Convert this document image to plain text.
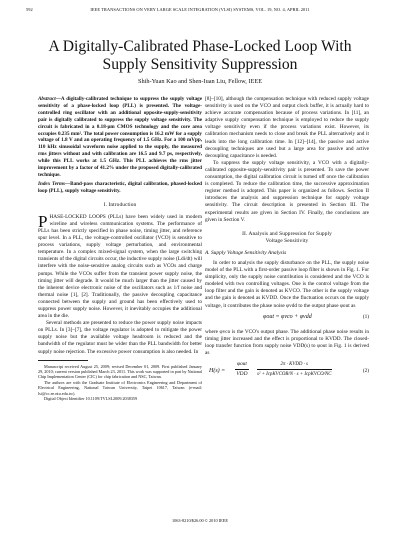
592	IEEE TRANSACTIONS ON VERY LARGE SCALE INTEGRATION (VLSI) SYSTEMS, VOL. 19, NO. 4, APRIL 2011
A Digitally-Calibrated Phase-Locked Loop With
Supply Sensitivity Suppression
Shih-Yuan Kao and Shen-Iuan Liu, Fellow, IEEE
Abstract—A digitally-calibrated technique to suppress the supply voltage sensitivity of a phase-locked loop (PLL) is presented. The voltage-controlled ring oscillator with an additional opposite-supply-sensitivity pair is digitally calibrated to suppress the supply voltage sensitivity. The circuit is fabricated in a 0.18-μm CMOS technology and the core area occupies 0.235 mm². The total power consumption is 16.2 mW for a supply voltage of 1.8 V and an operating frequency of 1.5 GHz. For a 100 mVpp, 110 kHz sinusoidal waveform noise applied to the supply, the measured rms jitters without and with calibration are 16.5 and 9.7 ps, respectively, while this PLL works at 1.5 GHz. This PLL achieves the rms jitter improvement by a factor of 41.2% under the proposed digitally-calibrated technique.
Index Terms—Band-pass characteristic, digital calibration, phased-locked loop (PLL), supply voltage sensitivity.
I. Introduction

PHASE-LOCKED LOOPS (PLLs) have been widely used in modern wireline and wireless communication systems. The performance of PLLs has been strictly specified in phase noise, timing jitter, and reference spur level. In a PLL, the voltage-controlled oscillator (VCO) is sensitive to process variations, supply voltage perturbation, and environmental temperature. In a complex mixed-signal system, when the large switching transients of the digital circuits occur, the inductive supply noise (Ldi/dt) will interfere with the noise-sensitive analog circuits such as VCOs and charge pumps. While the VCOs suffer from the transient power supply noise, the timing jitter will degrade. It would be much larger than the jitter caused by the inherent device electronic noise of the oscillators such as 1/f noise and thermal noise [1], [2]. Traditionally, the passive decoupling capacitance connected between the supply and ground has been effectively used to suppress power supply noise. However, it inevitably occupies the additional area in the die.

Several methods are presented to reduce the power supply noise impacts on PLLs. In [3]–[7], the voltage regulator is adopted to mitigate the power supply noise but the available voltage headroom is reduced and the bandwidth of the regulator must be wider than the PLL bandwidth for better supply noise rejection. The excessive power consumption is also needed. In

Manuscript received August 25, 2009; revised December 01, 2009. First published January 29, 2010; current version published March 23, 2011. This work was supported in part by National Chip Implementation Center (CIC) for chip fabrication and NSC, Taiwan.

The authors are with the Graduate Institute of Electronics Engineering and Department of Electrical Engineering, National Taiwan University, Taipei 10617, Taiwan (e-mail: lsi@cc.ee.ntu.edu.tw).

Digital Object Identifier 10.1109/TVLSI.2009.2038359

[8]–[10], although the compensation technique with reduced supply voltage sensitivity is used on the VCO and output clock buffer, it is actually hard to achieve accurate compensation because of process variations. In [11], an adaptive supply compensation technique is employed to reduce the supply voltage sensitivity even if the process variations exist. However, its calibration mechanism needs to close and break the PLL alternatively and it leads into the long calibration time. In [12]–[14], the passive and active decoupling techniques are used but a large area for passive and active decoupling capacitance is needed.

To suppress the supply voltage sensitivity, a VCO with a digitally-calibrated opposite-supply-sensitivity pair is presented. To save the power consumption, the digital calibration circuit is turned off once the calibration is completed. To reduce the calibration time, the successive approximation register method is adopted. This paper is organized as follows. Section II introduces the analysis and suppression technique for supply voltage sensitivity. The circuit description is presented in Section III. The experimental results are given in Section IV. Finally, the conclusions are given in Section V.

II. Analysis and Suppression for Supply
Voltage Sensitivity
A. Supply Voltage Sensitivity Analysis

In order to analysis the supply disturbance on the PLL, the supply noise model of the PLL with a first-order passive loop filter is shown in Fig. 1. For simplicity, only the supply noise contribution is considered and the VCO is modeled with two controlling voltages. One is the control voltage from the loop filter and the gain is denoted as KVCO. The other is the supply voltage and the gain is denoted as KVDD. Once the fluctuation occurs on the supply voltage, it contributes the phase noise φvdd to the output phase φout as

φout = φvco + φvdd	(1)

where φvco is the VCO's output phase. The additional phase noise results in timing jitter increased and the effect is proportional to KVDD. The closed-loop transfer function from supply noise VDD(s) to φout in Fig. 1 is derived as

H(s) =
φout
VDD
2π · KVDD · s
s² + IcpKVCOR/N · s + IcpKVCO/NC
(2)
1063-8210/$26.00 © 2010 IEEE
